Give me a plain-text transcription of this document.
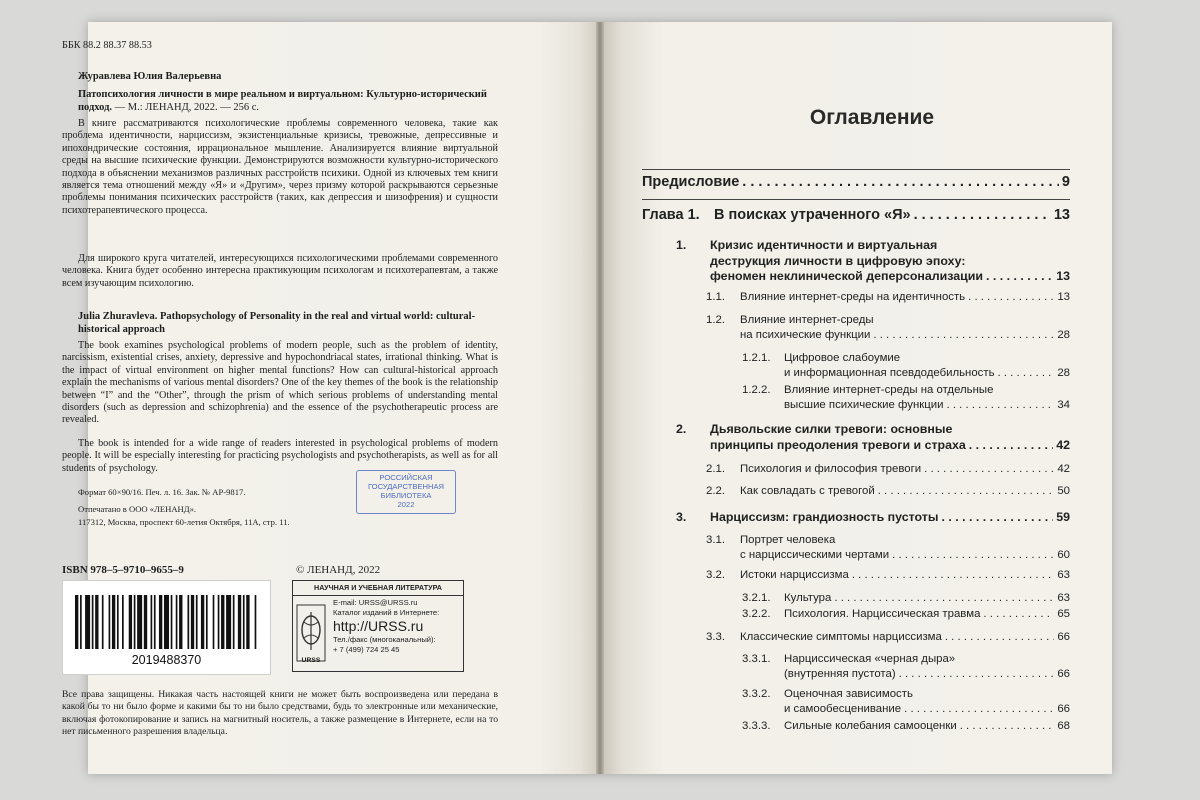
ББК 88.2 88.37 88.53
Журавлева Юлия Валерьевна
Патопсихология личности в мире реальном и виртуальном: Культурно-исторический подход. — М.: ЛЕНАНД, 2022. — 256 с.

В книге рассматриваются психологические проблемы современного человека, такие как проблема идентичности, нарциссизм, экзистенциальные кризисы, тревожные, депрессивные и ипохондрические состояния, иррациональное мышление. Анализируется влияние виртуальной среды на высшие психические функции. Демонстрируются возможности культурно-исторического подхода в объяснении механизмов различных расстройств психики. Одной из ключевых тем книги является тема отношений между «Я» и «Другим», через призму которой раскрываются серьезные проблемы понимания психических расстройств (таких, как депрессия и шизофрения) и сущности психотерапевтического процесса.

Для широкого круга читателей, интересующихся психологическими проблемами современного человека. Книга будет особенно интересна практикующим психологам и психотерапевтам, а также всем изучающим психологию.

Julia Zhuravleva. Pathopsychology of Personality in the real and virtual world: cultural-historical approach

The book examines psychological problems of modern people, such as the problem of identity, narcissism, existential crises, anxiety, depressive and hypochondriacal states, irrational thinking. What is the impact of virtual environment on higher mental functions? How can cultural-historical approach explain the mechanisms of various mental disorders? One of the key themes of the book is the relationship between “I” and the “Other”, through the prism of which serious problems of understanding mental disorders (such as depression and schizophrenia) and the essence of the psychotherapeutic process are revealed.

The book is intended for a wide range of readers interested in psychological problems of modern people. It will be especially interesting for practicing psychologists and psychotherapists, as well as for all students of psychology.

РОССИЙСКАЯ
ГОСУДАРСТВЕННАЯ
БИБЛИОТЕКА
2022
Формат 60×90/16. Печ. л. 16. Зак. № АР-9817.
Отпечатано в ООО «ЛЕНАНД».
117312, Москва, проспект 60-летия Октября, 11А, стр. 11.
ISBN 978–5–9710–9655–9	© ЛЕНАНД, 2022
2019488370
НАУЧНАЯ И УЧЕБНАЯ ЛИТЕРАТУРА
URSS
E-mail: URSS@URSS.ru
Каталог изданий в Интернете:
http://URSS.ru
Тел./факс (многоканальный):
+ 7 (499) 724 25 45

Все права защищены. Никакая часть настоящей книги не может быть воспроизведена или передана в какой бы то ни было форме и какими бы то ни было средствами, будь то электронные или механические, включая фотокопирование и запись на магнитный носитель, а также размещение в Интернете, если на то нет письменного разрешения владельца.

Оглавление
Предисловие . . .	9
Глава 1. В поисках утраченного «Я» . . .	13
1.	Кризис идентичности и виртуальная
деструкция личности в цифровую эпоху:
феномен неклинической деперсонализации . . .	13
1.1.	Влияние интернет-среды на идентичность . . .	13
1.2.	Влияние интернет-среды
на психические функции . . .	28
1.2.1.	Цифровое слабоумие
и информационная псевдодебильность . . .	28
1.2.2.	Влияние интернет-среды на отдельные
высшие психические функции . . .	34
2.	Дьявольские силки тревоги: основные
принципы преодоления тревоги и страха . . .	42
2.1.	Психология и философия тревоги . . .	42
2.2.	Как совладать с тревогой . . .	50
3.	Нарциссизм: грандиозность пустоты . . .	59
3.1.	Портрет человека
с нарциссическими чертами . . .	60
3.2.	Истоки нарциссизма . . .	63
3.2.1.	Культура . . .	63
3.2.2.	Психология. Нарциссическая травма . . .	65
3.3.	Классические симптомы нарциссизма . . .	66
3.3.1.	Нарциссическая «черная дыра»
(внутренняя пустота) . . .	66
3.3.2.	Оценочная зависимость
и самообесценивание . . .	66
3.3.3.	Сильные колебания самооценки . . .	68
